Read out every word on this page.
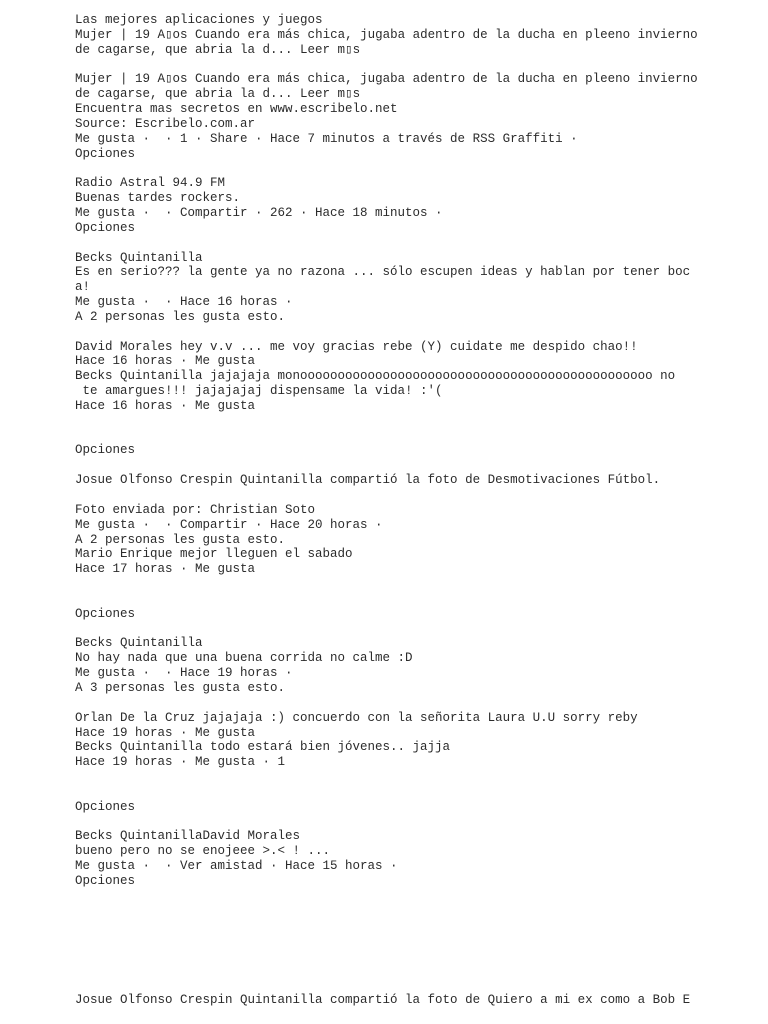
Las mejores aplicaciones y juegos
Mujer | 19 A▯os Cuando era más chica, jugaba adentro de la ducha en pleeno invierno
de cagarse, que abria la d... Leer m▯s
Mujer | 19 A▯os Cuando era más chica, jugaba adentro de la ducha en pleeno invierno
de cagarse, que abria la d... Leer m▯s
Encuentra mas secretos en www.escribelo.net
Source: Escribelo.com.ar
Me gusta ·  · 1 · Share · Hace 7 minutos a través de RSS Graffiti ·
Opciones
Radio Astral 94.9 FM
Buenas tardes rockers.
Me gusta ·  · Compartir · 262 · Hace 18 minutos ·
Opciones
Becks Quintanilla
Es en serio??? la gente ya no razona ... sólo escupen ideas y hablan por tener boc
a!
Me gusta ·  · Hace 16 horas ·
A 2 personas les gusta esto.
David Morales hey v.v ... me voy gracias rebe (Y) cuidate me despido chao!!
Hace 16 horas · Me gusta
Becks Quintanilla jajajaja monooooooooooooooooooooooooooooooooooooooooooooooo no
te amargues!!! jajajajaj dispensame la vida! :'(
Hace 16 horas · Me gusta
Opciones
Josue Olfonso Crespin Quintanilla compartió la foto de Desmotivaciones Fútbol.
Foto enviada por: Christian Soto
Me gusta ·  · Compartir · Hace 20 horas ·
A 2 personas les gusta esto.
Mario Enrique mejor lleguen el sabado
Hace 17 horas · Me gusta
Opciones
Becks Quintanilla
No hay nada que una buena corrida no calme :D
Me gusta ·  · Hace 19 horas ·
A 3 personas les gusta esto.
Orlan De la Cruz jajajaja :) concuerdo con la señorita Laura U.U sorry reby
Hace 19 horas · Me gusta
Becks Quintanilla todo estará bien jóvenes.. jajja
Hace 19 horas · Me gusta · 1
Opciones
Becks QuintanillaDavid Morales
bueno pero no se enojeee >.< ! ...
Me gusta ·  · Ver amistad · Hace 15 horas ·
Opciones
Josue Olfonso Crespin Quintanilla compartió la foto de Quiero a mi ex como a Bob E
